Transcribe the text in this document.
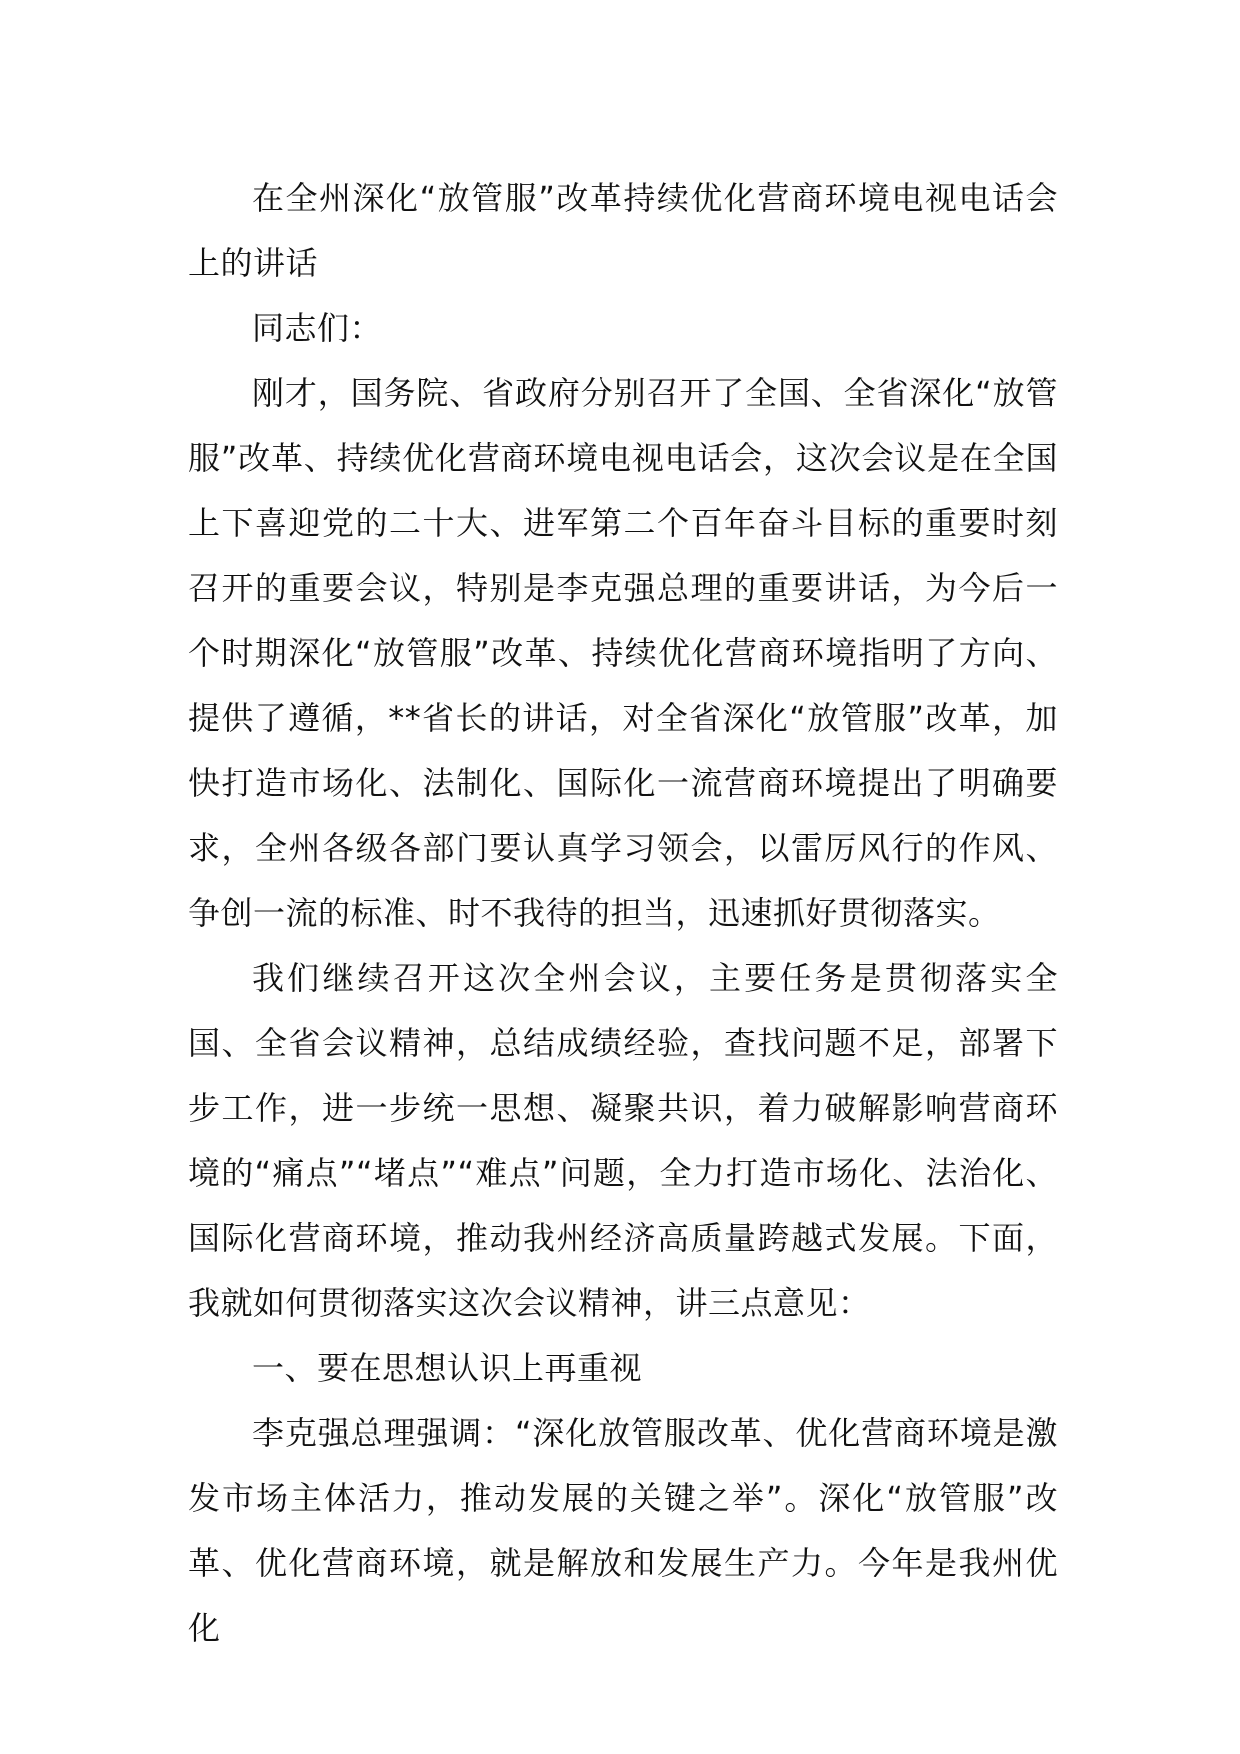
在全州深化“放管服”改革持续优化营商环境电视电话会上的讲话

同志们：

刚才，国务院、省政府分别召开了全国、全省深化“放管服”改革、持续优化营商环境电视电话会，这次会议是在全国上下喜迎党的二十大、进军第二个百年奋斗目标的重要时刻召开的重要会议，特别是李克强总理的重要讲话，为今后一个时期深化“放管服”改革、持续优化营商环境指明了方向、提供了遵循，**省长的讲话，对全省深化“放管服”改革，加快打造市场化、法制化、国际化一流营商环境提出了明确要求，全州各级各部门要认真学习领会，以雷厉风行的作风、争创一流的标准、时不我待的担当，迅速抓好贯彻落实。

我们继续召开这次全州会议，主要任务是贯彻落实全国、全省会议精神，总结成绩经验，查找问题不足，部署下步工作，进一步统一思想、凝聚共识，着力破解影响营商环境的“痛点”“堵点”“难点”问题，全力打造市场化、法治化、国际化营商环境，推动我州经济高质量跨越式发展。下面，我就如何贯彻落实这次会议精神，讲三点意见：

一、要在思想认识上再重视

李克强总理强调：“深化放管服改革、优化营商环境是激发市场主体活力，推动发展的关键之举”。深化“放管服”改革、优化营商环境，就是解放和发展生产力。今年是我州优化
